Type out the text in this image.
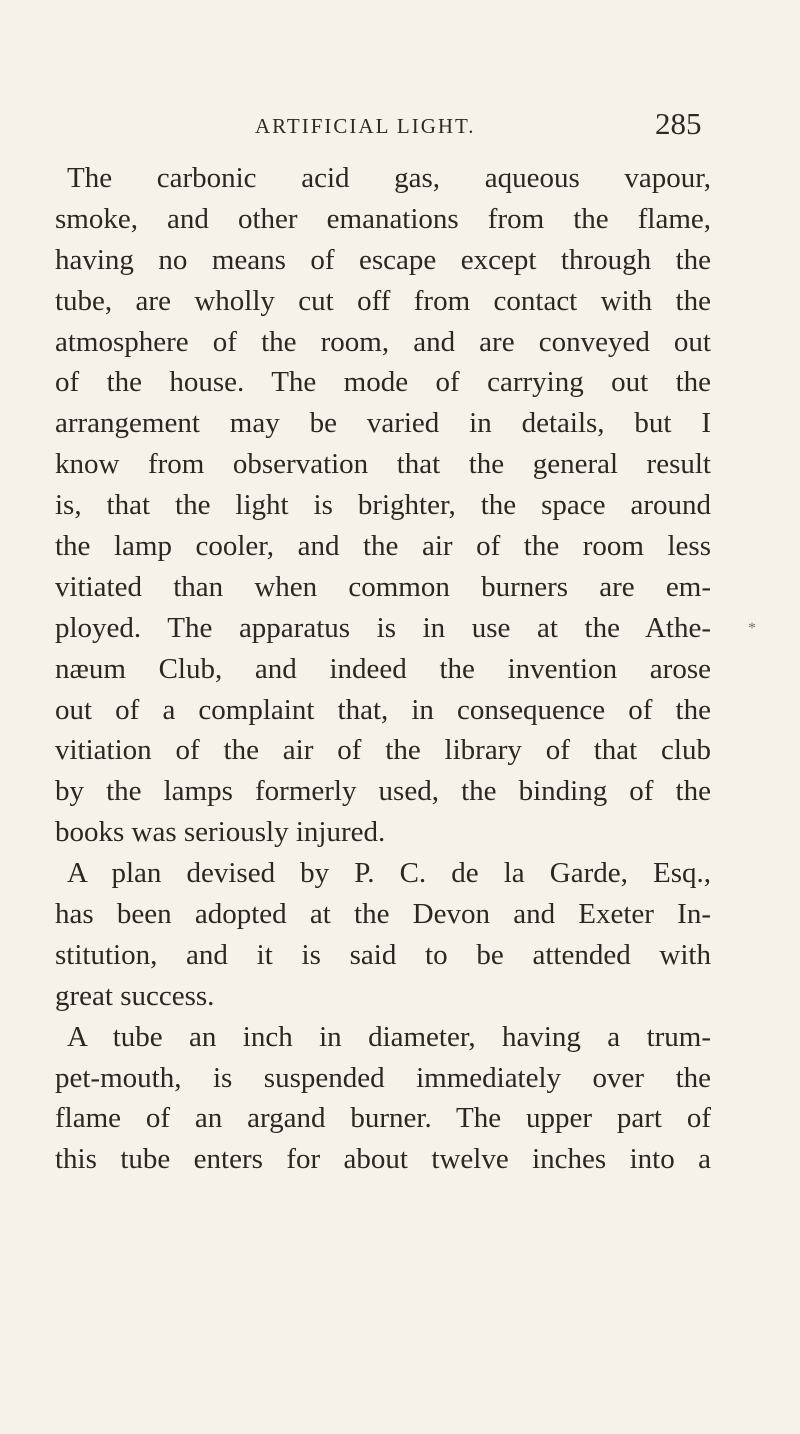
ARTIFICIAL LIGHT.	285
*
The carbonic acid gas, aqueous vapour,
smoke, and other emanations from the flame,
having no means of escape except through the
tube, are wholly cut off from contact with the
atmosphere of the room, and are conveyed out
of the house. The mode of carrying out the
arrangement may be varied in details, but I
know from observation that the general result
is, that the light is brighter, the space around
the lamp cooler, and the air of the room less
vitiated than when common burners are em-
ployed. The apparatus is in use at the Athe-
næum Club, and indeed the invention arose
out of a complaint that, in consequence of the
vitiation of the air of the library of that club
by the lamps formerly used, the binding of the
books was seriously injured.
A plan devised by P. C. de la Garde, Esq.,
has been adopted at the Devon and Exeter In-
stitution, and it is said to be attended with
great success.
A tube an inch in diameter, having a trum-
pet-mouth, is suspended immediately over the
flame of an argand burner. The upper part of
this tube enters for about twelve inches into a
